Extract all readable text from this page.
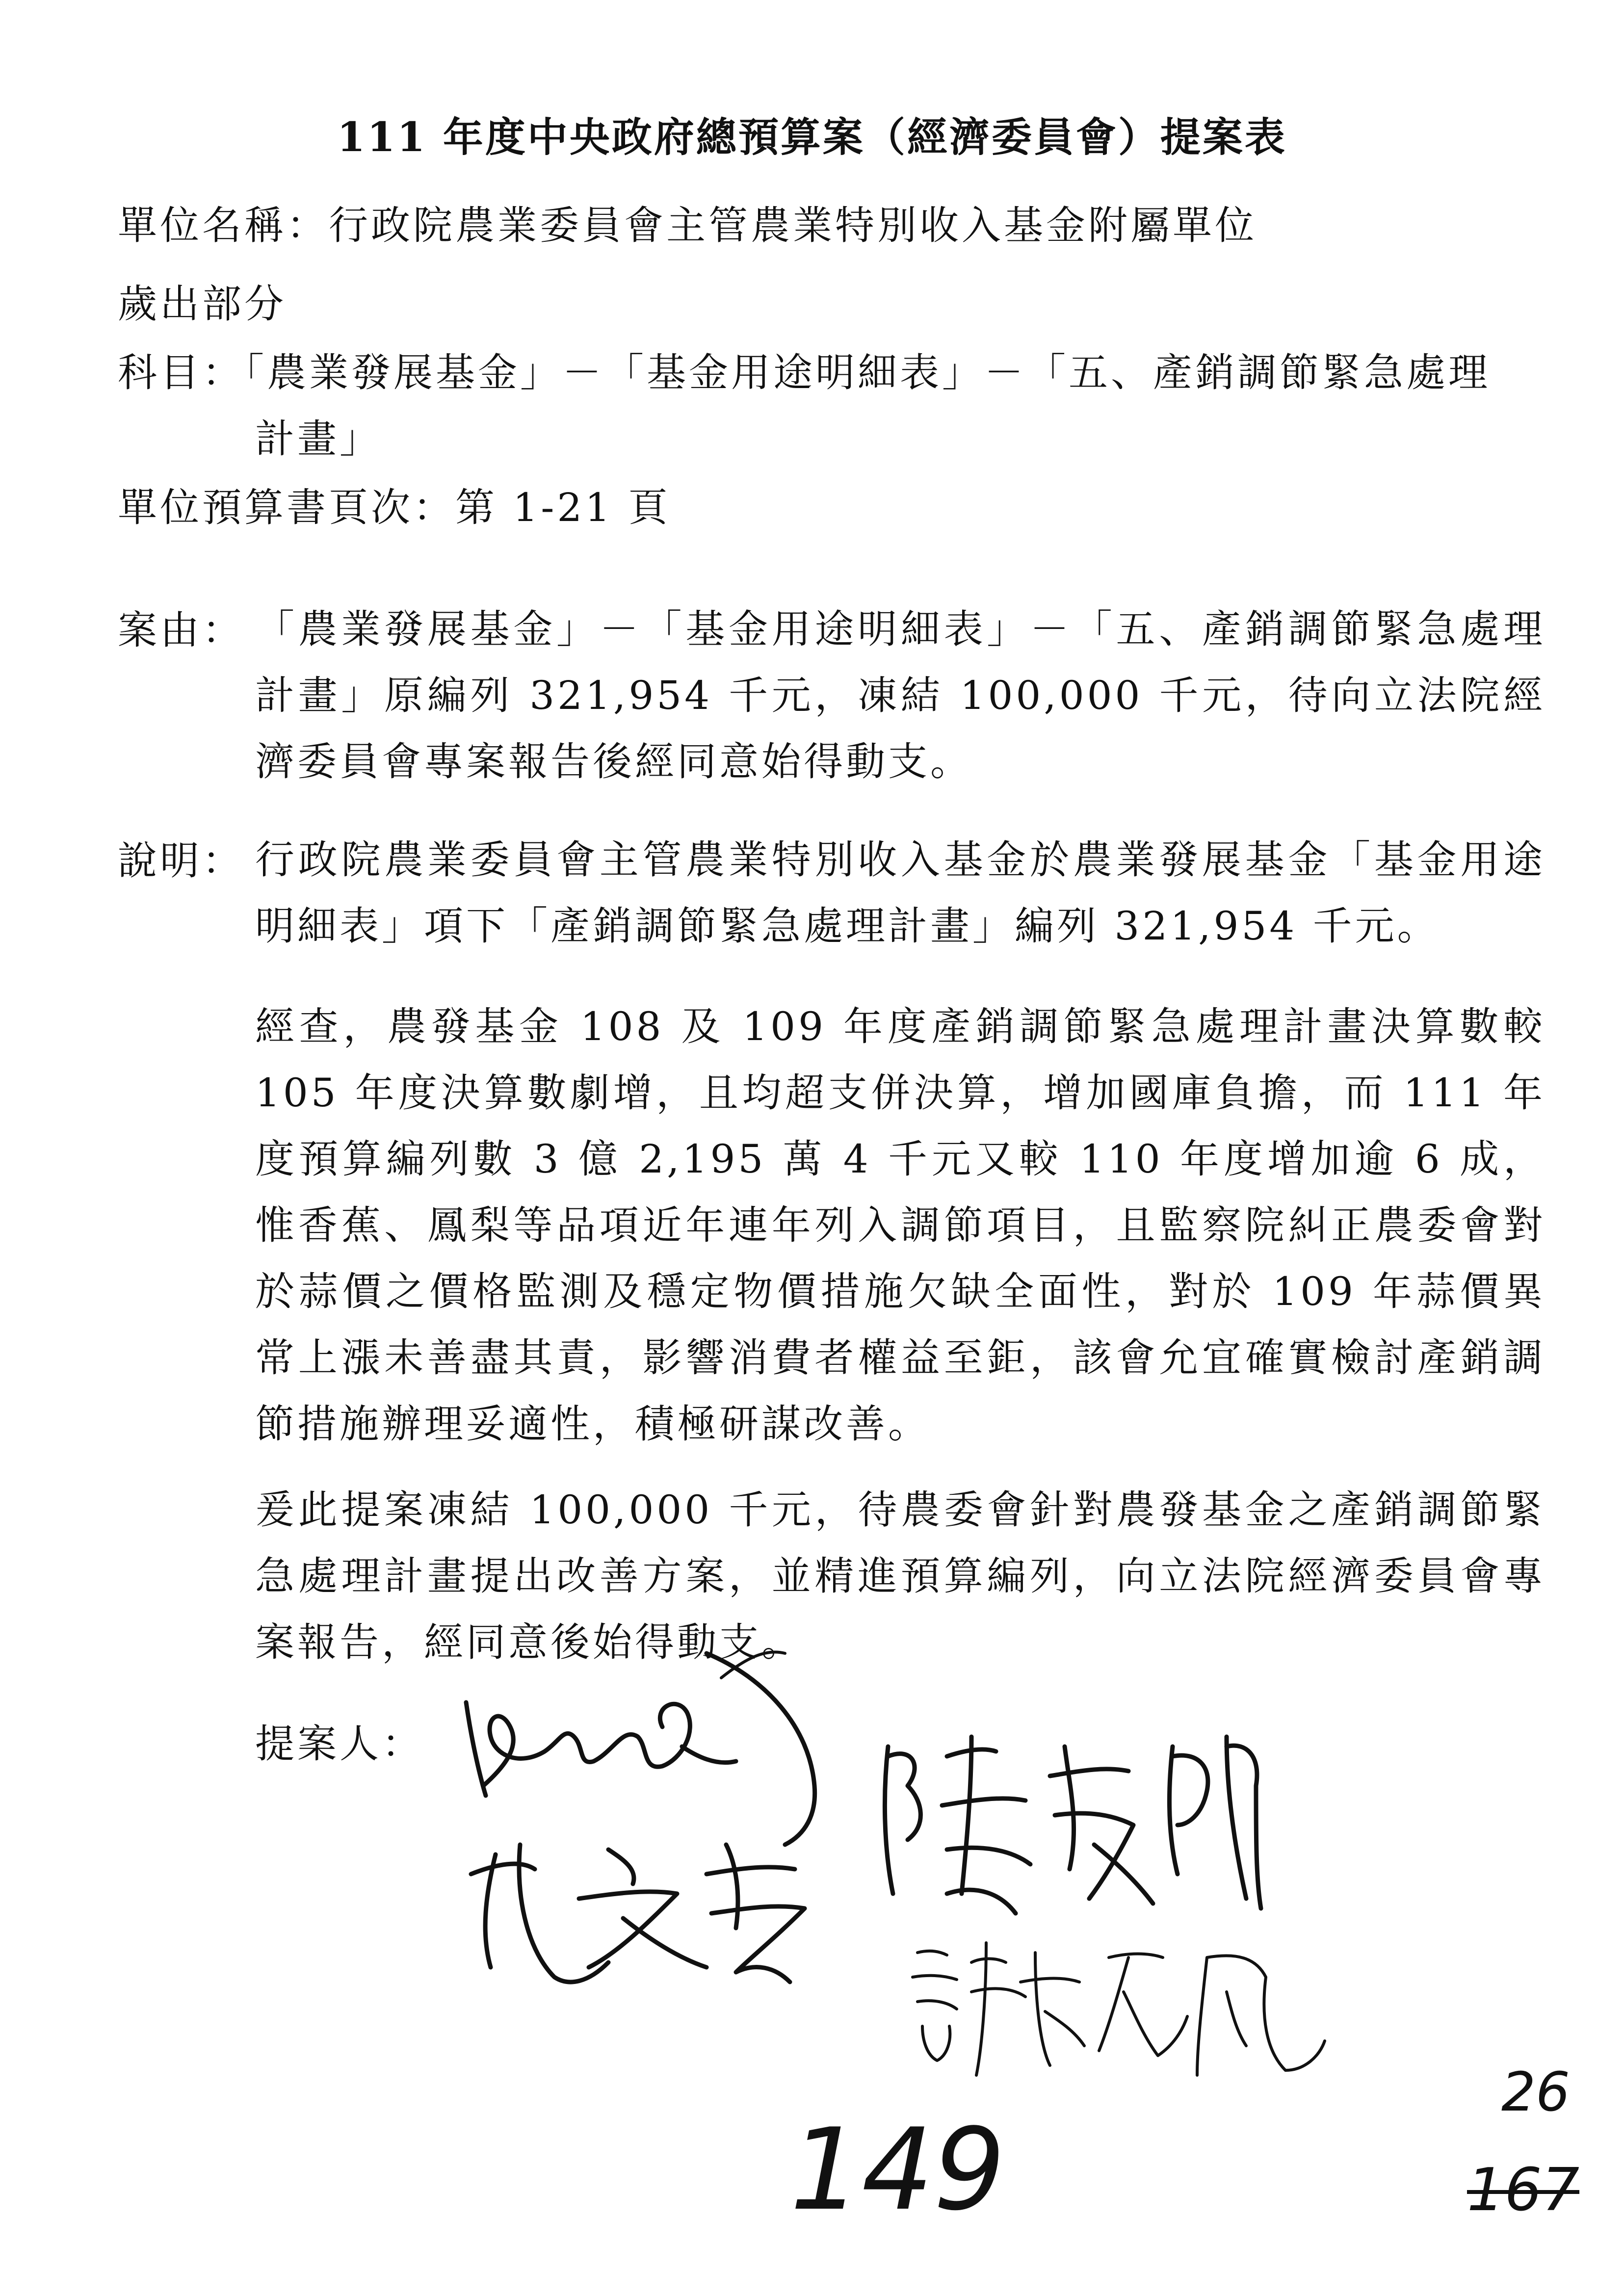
111 年度中央政府總預算案（經濟委員會）提案表
單位名稱：行政院農業委員會主管農業特別收入基金附屬單位
歲出部分
科目：「農業發展基金」－「基金用途明細表」－「五、產銷調節緊急處理
計畫」
單位預算書頁次：第 1-21 頁
案由： 「農業發展基金」－「基金用途明細表」－「五、產銷調節緊急處理計畫」原編列 321,954 千元，凍結 100,000 千元，待向立法院經濟委員會專案報告後經同意始得動支。
說明： 行政院農業委員會主管農業特別收入基金於農業發展基金「基金用途明細表」項下「產銷調節緊急處理計畫」編列 321,954 千元。
經查，農發基金 108 及 109 年度產銷調節緊急處理計畫決算數較 105 年度決算數劇增，且均超支併決算，增加國庫負擔，而 111 年度預算編列數 3 億 2,195 萬 4 千元又較 110 年度增加逾 6 成，惟香蕉、鳳梨等品項近年連年列入調節項目，且監察院糾正農委會對於蒜價之價格監測及穩定物價措施欠缺全面性，對於 109 年蒜價異常上漲未善盡其責，影響消費者權益至鉅，該會允宜確實檢討產銷調節措施辦理妥適性，積極研謀改善。
爰此提案凍結 100,000 千元，待農委會針對農發基金之產銷調節緊急處理計畫提出改善方案，並精進預算編列，向立法院經濟委員會專案報告，經同意後始得動支。
提案人：
149
26
167
